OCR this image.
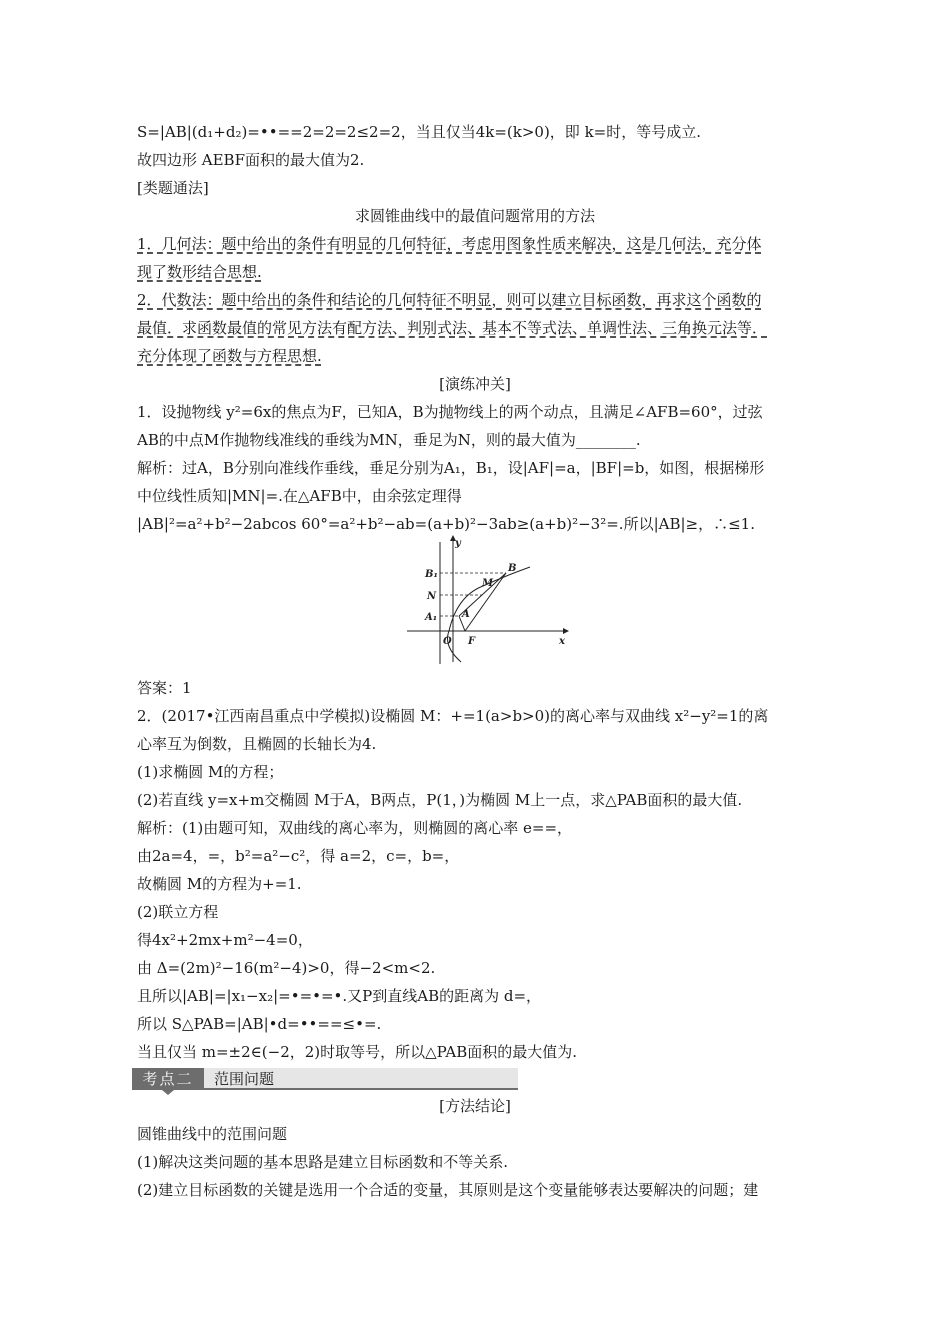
S=|AB|(d₁+d₂)=••==2=2=2≤2=2，当且仅当4k=(k>0)，即 k=时，等号成立.
故四边形 AEBF面积的最大值为2.
[类题通法]
求圆锥曲线中的最值问题常用的方法
1．几何法：题中给出的条件有明显的几何特征，考虑用图象性质来解决，这是几何法，充分体
现了数形结合思想.
2．代数法：题中给出的条件和结论的几何特征不明显，则可以建立目标函数，再求这个函数的
最值．求函数最值的常见方法有配方法、判别式法、基本不等式法、单调性法、三角换元法等．
充分体现了函数与方程思想.
[演练冲关]
1．设抛物线 y²=6x的焦点为F，已知A，B为抛物线上的两个动点，且满足∠AFB=60°，过弦
AB的中点M作抛物线准线的垂线为MN，垂足为N，则的最大值为________.
解析：过A，B分别向准线作垂线，垂足分别为A₁，B₁，设|AF|=a，|BF|=b，如图，根据梯形
中位线性质知|MN|=.在△AFB中，由余弦定理得
|AB|²=a²+b²−2abcos 60°=a²+b²−ab=(a+b)²−3ab≥(a+b)²−3²=.所以|AB|≥，∴≤1.
y
x
O F
A
B
M
N
A₁
B₁
答案：1
2．(2017•江西南昌重点中学模拟)设椭圆 M：+=1(a>b>0)的离心率与双曲线 x²−y²=1的离
心率互为倒数，且椭圆的长轴长为4.
(1)求椭圆 M的方程；
(2)若直线 y=x+m交椭圆 M于A，B两点，P(1，)为椭圆 M上一点，求△PAB面积的最大值.
解析：(1)由题可知，双曲线的离心率为，则椭圆的离心率 e==，
由2a=4，=，b²=a²−c²，得 a=2，c=，b=，
故椭圆 M的方程为+=1.
(2)联立方程
得4x²+2mx+m²−4=0，
由 Δ=(2m)²−16(m²−4)>0，得−2<m<2.
且所以|AB|=|x₁−x₂|=•=•=•.又P到直线AB的距离为 d=，
所以 S△PAB=|AB|•d=••==≤•=.
当且仅当 m=±2∈(−2，2)时取等号，所以△PAB面积的最大值为.
考点二	范围问题
[方法结论]
圆锥曲线中的范围问题
(1)解决这类问题的基本思路是建立目标函数和不等关系.
(2)建立目标函数的关键是选用一个合适的变量，其原则是这个变量能够表达要解决的问题；建
